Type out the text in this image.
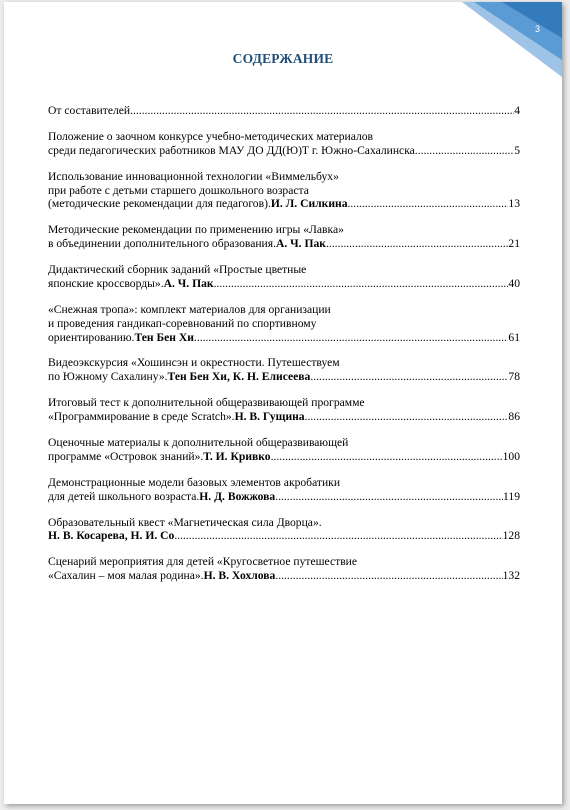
3
СОДЕРЖАНИЕ
От составителей .....	4
Положение о заочном конкурсе учебно-методических материалов
среди педагогических работников МАУ ДО ДД(Ю)Т г. Южно-Сахалинска .....	5
Использование инновационной технологии «Виммельбух»
при работе с детьми старшего дошкольного возраста
(методические рекомендации для педагогов). И. Л. Силкина .....	13
Методические рекомендации по применению игры «Лавка»
в объединении дополнительного образования. А. Ч. Пак .....	21
Дидактический сборник заданий «Простые цветные
японские кроссворды». А. Ч. Пак .....	40
«Снежная тропа»: комплект материалов для организации
и проведения гандикап-соревнований по спортивному
ориентированию. Тен Бен Хи .....	61
Видеоэкскурсия «Хошинсэн и окрестности. Путешествуем
по Южному Сахалину». Тен Бен Хи, К. Н. Елисеева .....	78
Итоговый тест к дополнительной общеразвивающей программе
«Программирование в среде Scratch». Н. В. Гущина .....	86
Оценочные материалы к дополнительной общеразвивающей
программе «Островок знаний». Т. И. Кривко .....	100
Демонстрационные модели базовых элементов акробатики
для детей школьного возраста. Н. Д. Вожжова .....	119
Образовательный квест «Магнетическая сила Дворца».
Н. В. Косарева, Н. И. Со .....	128
Сценарий мероприятия для детей «Кругосветное путешествие
«Сахалин – моя малая родина». Н. В. Хохлова .....	132
